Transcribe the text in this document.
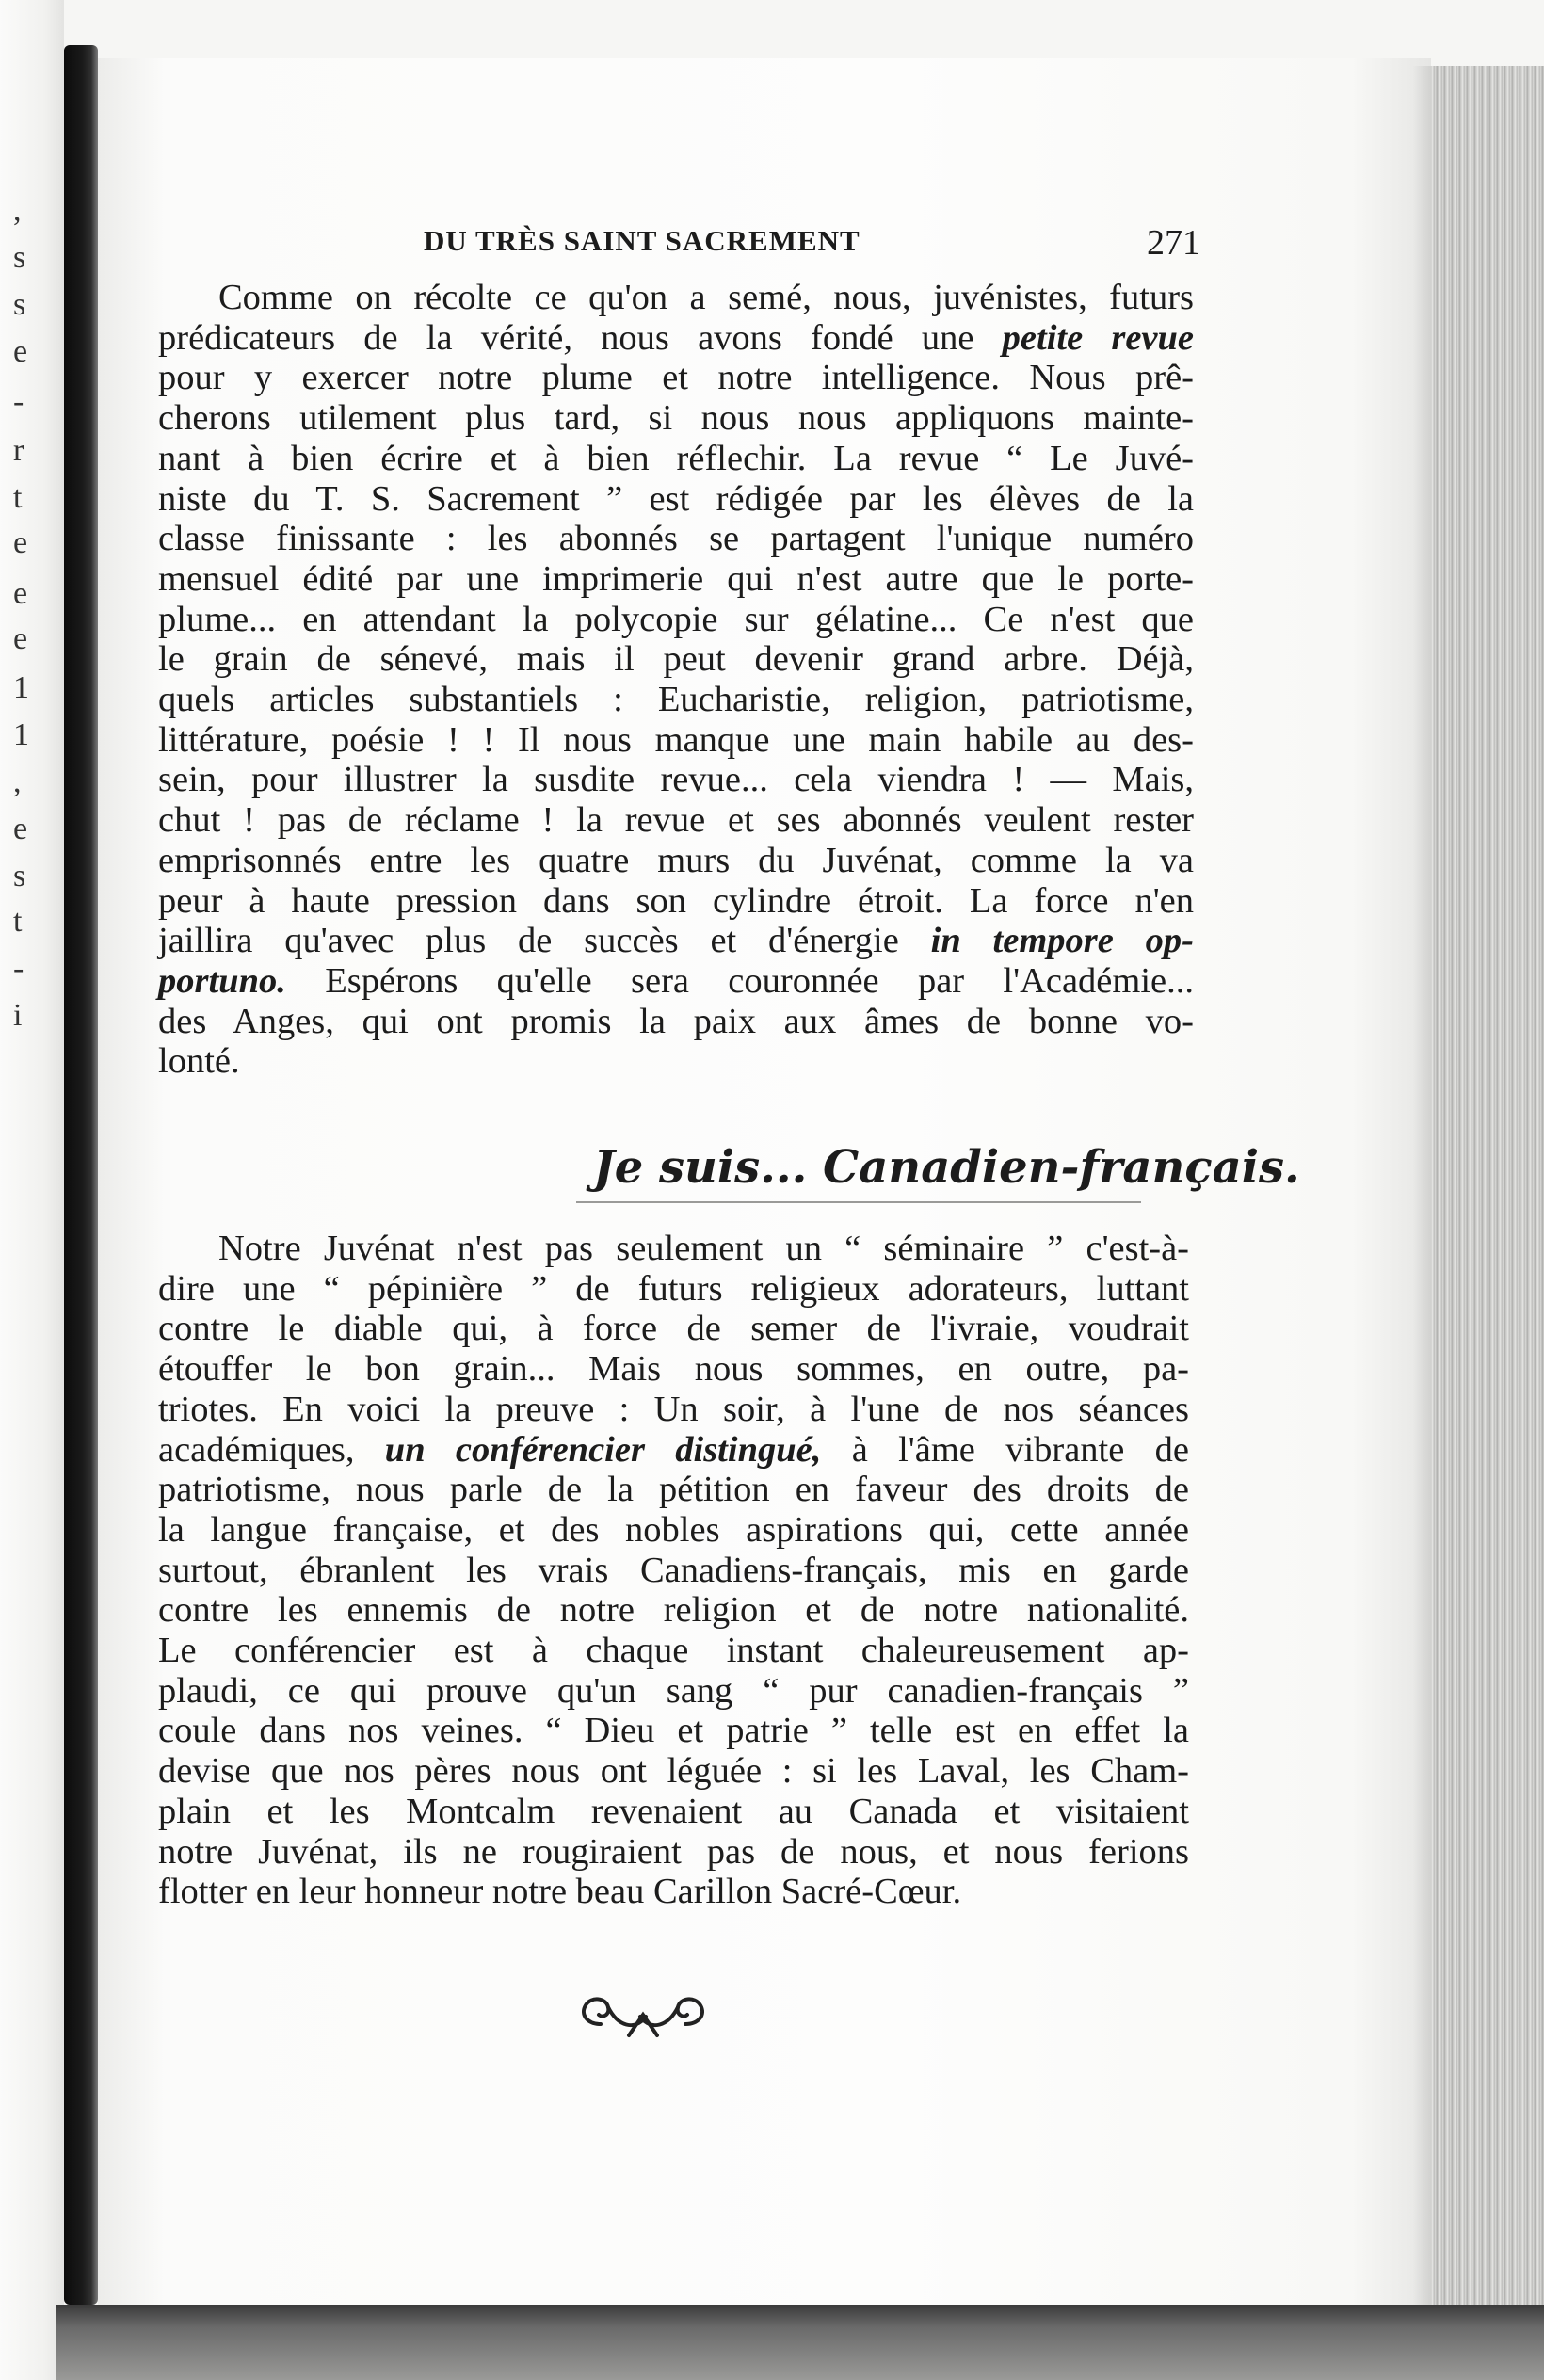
DU TRÈS SAINT SACREMENT	271
Comme on récolte ce qu'on a semé, nous, juvénistes, futurs
prédicateurs de la vérité, nous avons fondé une petite revue
pour y exercer notre plume et notre intelligence. Nous prê-
cherons utilement plus tard, si nous nous appliquons mainte-
nant à bien écrire et à bien réflechir. La revue “ Le Juvé-
niste du T. S. Sacrement ” est rédigée par les élèves de la
classe finissante : les abonnés se partagent l'unique numéro
mensuel édité par une imprimerie qui n'est autre que le porte-
plume... en attendant la polycopie sur gélatine... Ce n'est que
le grain de sénevé, mais il peut devenir grand arbre. Déjà,
quels articles substantiels : Eucharistie, religion, patriotisme,
littérature, poésie ! ! Il nous manque une main habile au des-
sein, pour illustrer la susdite revue... cela viendra ! — Mais,
chut ! pas de réclame ! la revue et ses abonnés veulent rester
emprisonnés entre les quatre murs du Juvénat, comme la va
peur à haute pression dans son cylindre étroit. La force n'en
jaillira qu'avec plus de succès et d'énergie in tempore op-
portuno. Espérons qu'elle sera couronnée par l'Académie...
des Anges, qui ont promis la paix aux âmes de bonne vo-
lonté.
Je suis... Canadien-français.
Notre Juvénat n'est pas seulement un “ séminaire ” c'est-à-
dire une “ pépinière ” de futurs religieux adorateurs, luttant
contre le diable qui, à force de semer de l'ivraie, voudrait
étouffer le bon grain... Mais nous sommes, en outre, pa-
triotes. En voici la preuve : Un soir, à l'une de nos séances
académiques, un conférencier distingué, à l'âme vibrante de
patriotisme, nous parle de la pétition en faveur des droits de
la langue française, et des nobles aspirations qui, cette année
surtout, ébranlent les vrais Canadiens-français, mis en garde
contre les ennemis de notre religion et de notre nationalité.
Le conférencier est à chaque instant chaleureusement ap-
plaudi, ce qui prouve qu'un sang “ pur canadien-français ”
coule dans nos veines. “ Dieu et patrie ” telle est en effet la
devise que nos pères nous ont léguée : si les Laval, les Cham-
plain et les Montcalm revenaient au Canada et visitaient
notre Juvénat, ils ne rougiraient pas de nous, et nous ferions
flotter en leur honneur notre beau Carillon Sacré-Cœur.
,
s
s
e
-
r
t
e
e
e
1
1
,
e
s
t
-
i
